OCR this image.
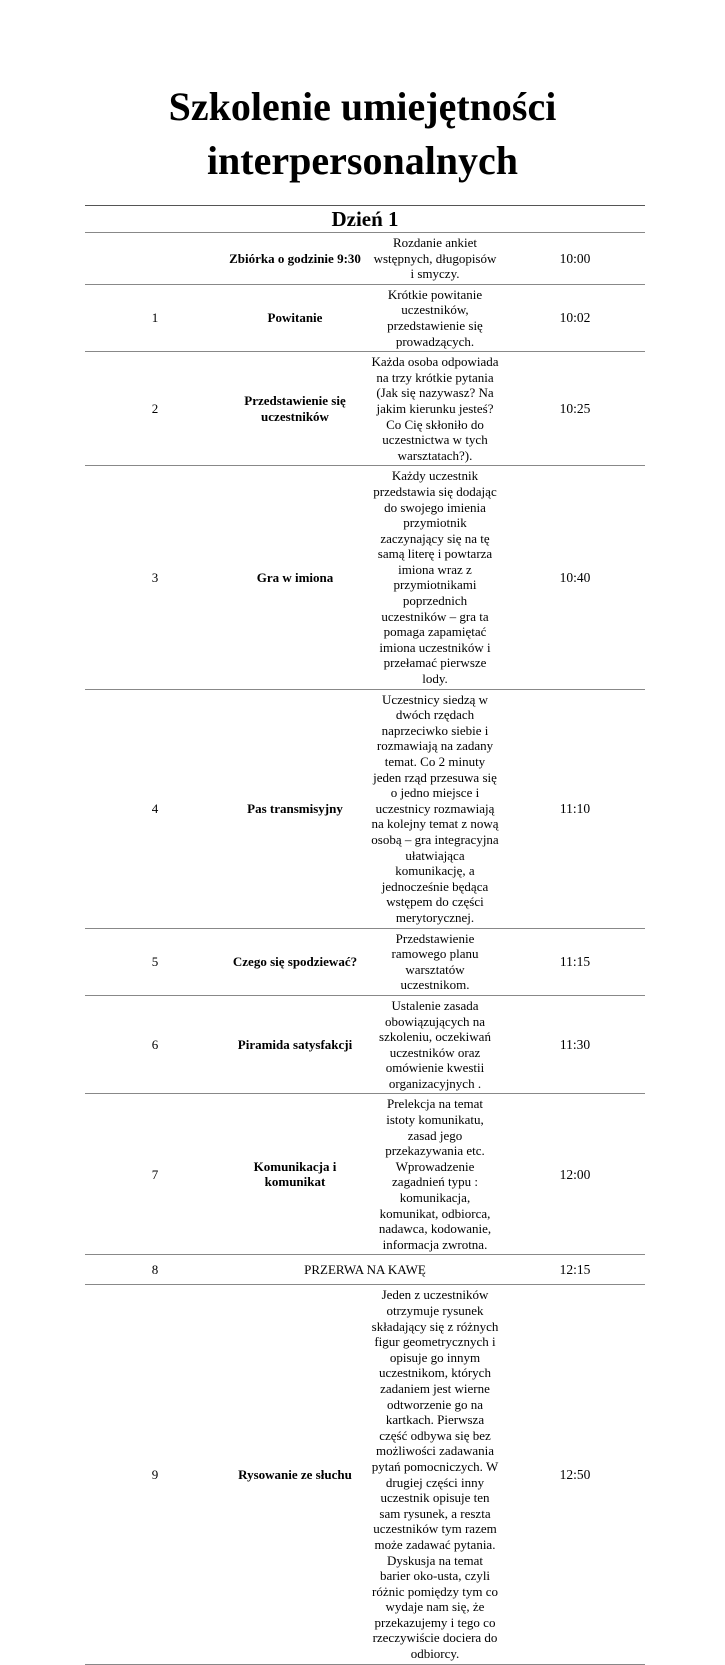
Szkolenie umiejętności
interpersonalnych
Dzień 1			
	Zbiórka o godzinie 9:30	Rozdanie ankiet wstępnych, długopisów i smyczy.	10:00
1	Powitanie	Krótkie powitanie uczestników, przedstawienie się prowadzących.	10:02
2	Przedstawienie się uczestników	Każda osoba odpowiada na trzy krótkie pytania (Jak się nazywasz? Na jakim kierunku jesteś? Co Cię skłoniło do uczestnictwa w tych warsztatach?).	10:25
3	Gra w imiona	Każdy uczestnik przedstawia się dodając do swojego imienia przymiotnik zaczynający się na tę samą literę i powtarza imiona wraz z przymiotnikami poprzednich uczestników – gra ta pomaga zapamiętać imiona uczestników i przełamać pierwsze lody.	10:40
4	Pas transmisyjny	Uczestnicy siedzą w dwóch rzędach naprzeciwko siebie i rozmawiają na zadany temat. Co 2 minuty jeden rząd przesuwa się o jedno miejsce i uczestnicy rozmawiają na kolejny temat z nową osobą – gra integracyjna ułatwiająca komunikację, a jednocześnie będąca wstępem do części merytorycznej.	11:10
5	Czego się spodziewać?	Przedstawienie ramowego planu warsztatów uczestnikom.	11:15
6	Piramida satysfakcji	Ustalenie zasada obowiązujących na szkoleniu, oczekiwań uczestników oraz omówienie kwestii organizacyjnych .	11:30
7	Komunikacja i komunikat	Prelekcja na temat istoty komunikatu, zasad jego przekazywania etc. Wprowadzenie zagadnień typu : komunikacja, komunikat, odbiorca, nadawca, kodowanie, informacja zwrotna.	12:00
8	PRZERWA NA KAWĘ		12:15
9	Rysowanie ze słuchu	Jeden z uczestników otrzymuje rysunek składający się z różnych figur geometrycznych i opisuje go innym uczestnikom, których zadaniem jest wierne odtworzenie go na kartkach. Pierwsza część odbywa się bez możliwości zadawania pytań pomocniczych. W drugiej części inny uczestnik opisuje ten sam rysunek, a reszta uczestników tym razem może zadawać pytania. Dyskusja na temat barier oko-usta, czyli różnic pomiędzy tym co wydaje nam się, że przekazujemy i tego co rzeczywiście dociera do odbiorcy.	12:50
